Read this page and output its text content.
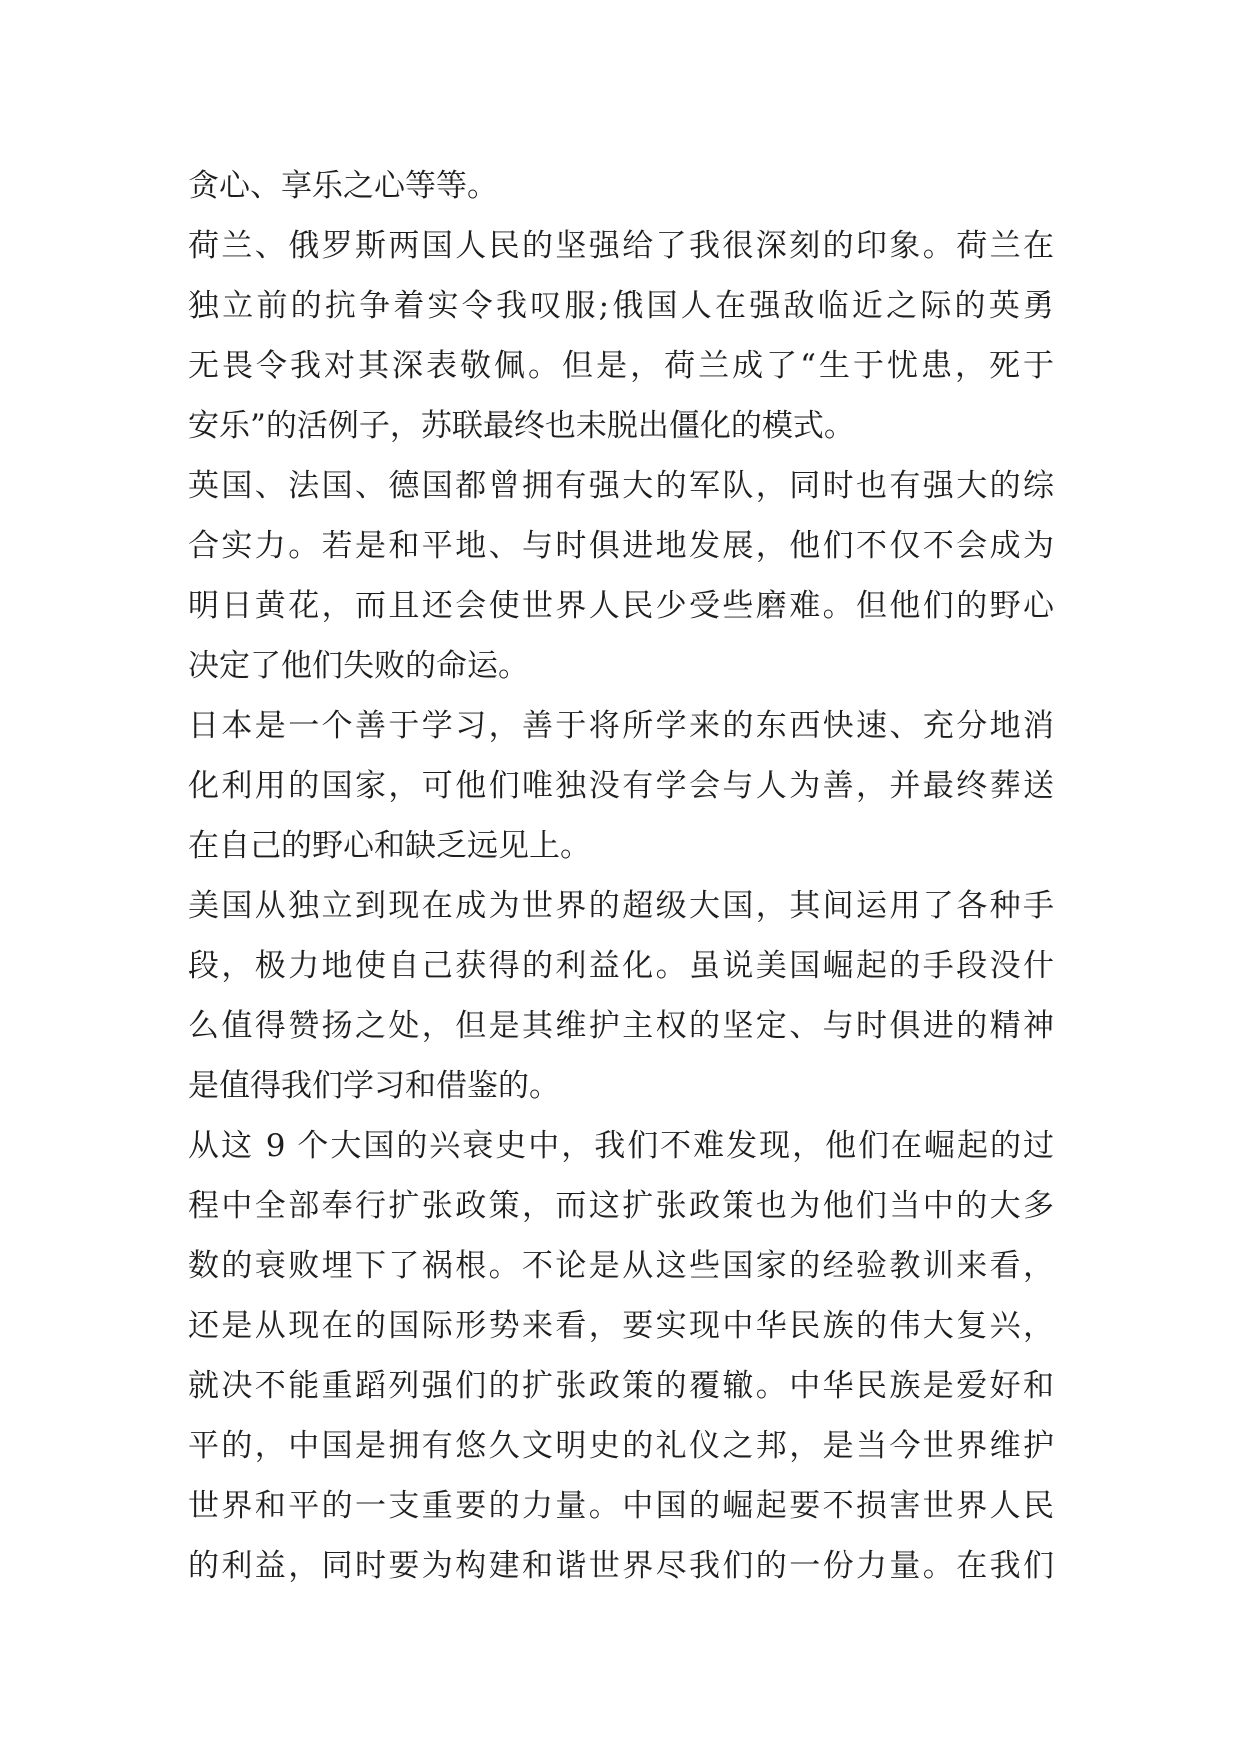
贪心、享乐之心等等。
荷兰、俄罗斯两国人民的坚强给了我很深刻的印象。荷兰在
独立前的抗争着实令我叹服;俄国人在强敌临近之际的英勇
无畏令我对其深表敬佩。但是，荷兰成了“生于忧患，死于
安乐”的活例子，苏联最终也未脱出僵化的模式。
英国、法国、德国都曾拥有强大的军队，同时也有强大的综
合实力。若是和平地、与时俱进地发展，他们不仅不会成为
明日黄花，而且还会使世界人民少受些磨难。但他们的野心
决定了他们失败的命运。
日本是一个善于学习，善于将所学来的东西快速、充分地消
化利用的国家，可他们唯独没有学会与人为善，并最终葬送
在自己的野心和缺乏远见上。
美国从独立到现在成为世界的超级大国，其间运用了各种手
段，极力地使自己获得的利益化。虽说美国崛起的手段没什
么值得赞扬之处，但是其维护主权的坚定、与时俱进的精神
是值得我们学习和借鉴的。
从这 9 个大国的兴衰史中，我们不难发现，他们在崛起的过
程中全部奉行扩张政策，而这扩张政策也为他们当中的大多
数的衰败埋下了祸根。不论是从这些国家的经验教训来看，
还是从现在的国际形势来看，要实现中华民族的伟大复兴，
就决不能重蹈列强们的扩张政策的覆辙。中华民族是爱好和
平的，中国是拥有悠久文明史的礼仪之邦，是当今世界维护
世界和平的一支重要的力量。中国的崛起要不损害世界人民
的利益，同时要为构建和谐世界尽我们的一份力量。在我们
